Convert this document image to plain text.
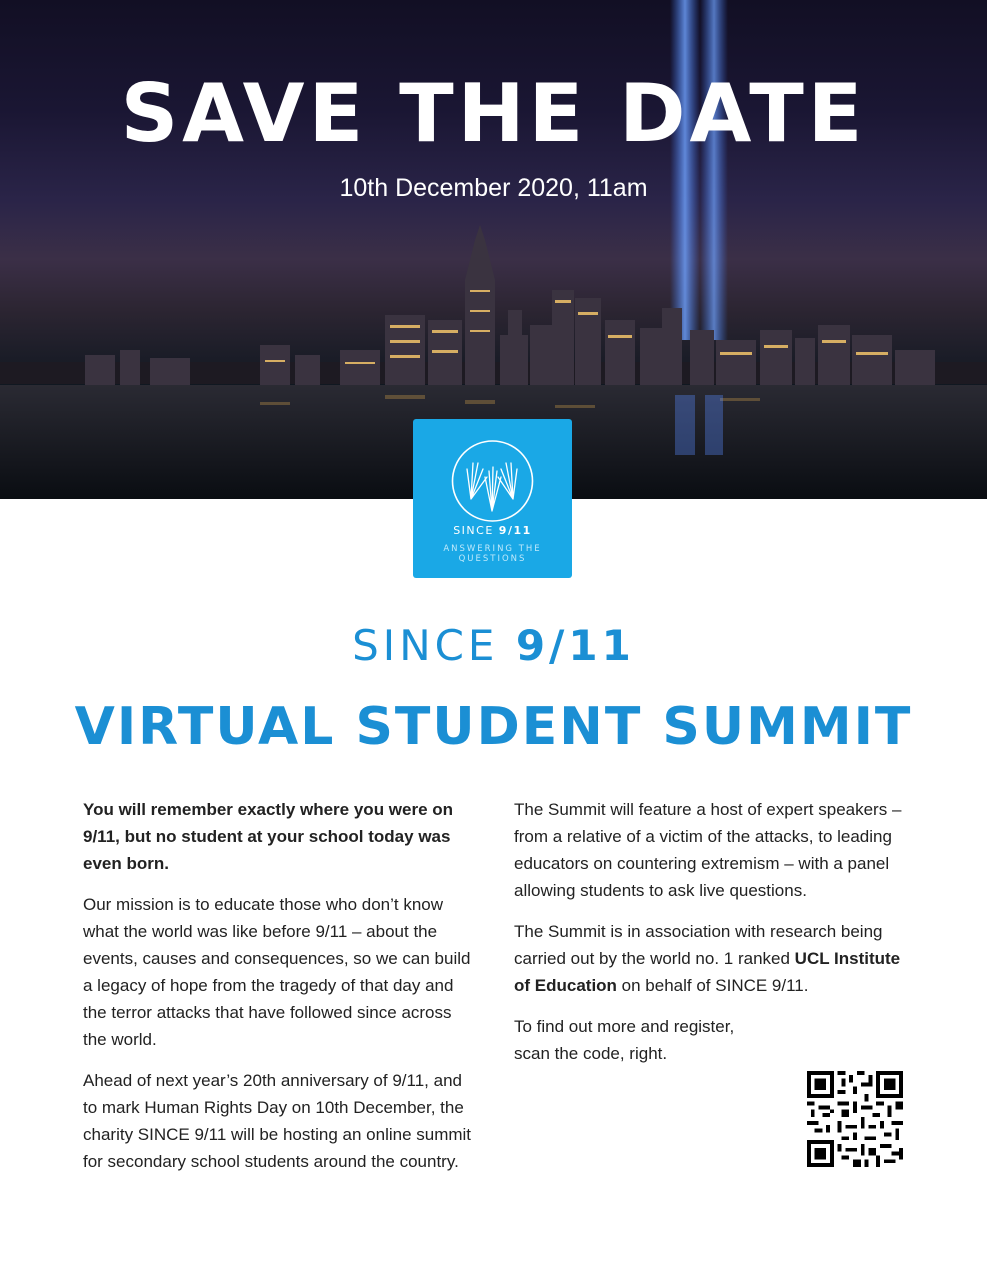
SAVE THE DATE
10th December 2020, 11am
SINCE 9/11
ANSWERING THE QUESTIONS
SINCE 9/11
VIRTUAL STUDENT SUMMIT

You will remember exactly where you were on 9/11, but no student at your school today was even born.

Our mission is to educate those who don’t know what the world was like before 9/11 – about the events, causes and consequences, so we can build a legacy of hope from the tragedy of that day and the terror attacks that have followed since across the world.

Ahead of next year’s 20th anniversary of 9/11, and to mark Human Rights Day on 10th December, the charity SINCE 9/11 will be hosting an online summit for secondary school students around the country.

The Summit will feature a host of expert speakers – from a relative of a victim of the attacks, to leading educators on countering extremism – with a panel allowing students to ask live questions.

The Summit is in association with research being carried out by the world no. 1 ranked UCL Institute of Education on behalf of SINCE 9/11.

To find out more and register, scan the code, right.
